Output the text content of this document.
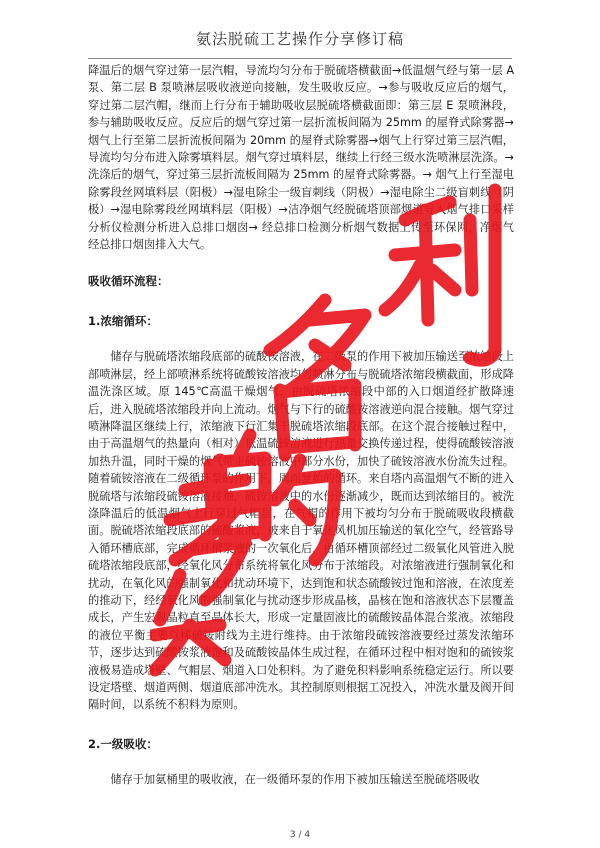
氨法脱硫工艺操作分享修订稿

降温后的烟气穿过第一层汽帽，导流均匀分布于脱硫塔横截面→低温烟气经与第一层 A 泵、第二层 B 泵喷淋层吸收液逆向接触，发生吸收反应。→参与吸收反应后的烟气，穿过第二层汽帽，继而上行分布于辅助吸收层脱硫塔横截面即：第三层 E 泵喷淋段，参与辅助吸收反应。反应后的烟气穿过第一层折流板间隔为 25mm 的屋脊式除雾器→烟气上行至第二层折流板间隔为 20mm 的屋脊式除雾器→烟气上行穿过第三层汽帽，导流均匀分布进入除雾填料层。烟气穿过填料层，继续上行经三级水洗喷淋层洗涤。→洗涤后的烟气，穿过第三层折流板间隔为 25mm 的屋脊式除雾器。→ 烟气上行至湿电除雾段丝网填料层（阳极）→湿电除尘一级盲刺线（阴极）→湿电除尘二级盲刺线（阴极）→湿电除雾段丝网填料层（阳极）→洁净烟气经脱硫塔顶部烟道导入烟气排口采样分析仪检测分析进入总排口烟囱→ 经总排口检测分析烟气数据上传至环保网，净烟气经总排口烟囱排入大气。

吸收循环流程：

1.浓缩循环：

储存与脱硫塔浓缩段底部的硫酸铵溶液，在二级泵的作用下被加压输送至浓缩段上部喷淋层，经上部喷淋系统将硫酸铵溶液均匀喷淋分布与脱硫塔浓缩段横截面，形成降温洗涤区域。原 145℃高温干燥烟气，由脱硫塔浓缩段中部的入口烟道经扩散降速后，进入脱硫塔浓缩段并向上流动。烟气与下行的硫酸铵溶液逆向混合接触。烟气穿过喷淋降温区继续上行，浓缩液下行汇集于脱硫塔浓缩段底部。在这个混合接触过程中，由于高温烟气的热量向（相对）低温硫铵溶液进行热量交换传递过程，使得硫酸铵溶液加热升温，同时干燥的烟气带走硫铵溶液中部分水份，加快了硫铵溶液水份流失过程。随着硫铵溶液在二级循环泵的作用下，周而复始的循环。来自塔内高温烟气不断的进入脱硫塔与浓缩段硫铵溶液接触，硫铵溶液中的水份逐渐减少，既而达到浓缩目的。被洗涤降温后的低温烟气上行穿过气帽层，在气帽的作用下被均匀分布于脱硫吸收段横截面。脱硫塔浓缩段底部的硫酸浆液，被来自于氧化风机加压输送的氧化空气，经管路导入循环槽底部，完成循环槽浆液的一次氧化后，由循环槽顶部经过二级氧化风管进入脱硫塔浓缩段底部，经氧化风分布系统将氧化风分布于浓缩段。对浓缩液进行强制氧化和扰动，在氧化风的强制氧化和扰动环境下，达到饱和状态硫酸铵过饱和溶液，在浓度差的推动下，经经氧化风的强制氧化与扰动逐步形成晶核，晶核在饱和溶液状态下层覆盖成长，产生宏观晶粒直至晶体长大，形成一定量固液比的硫酸铵晶体混合浆液。浓缩段的液位平衡主要以稀硫铵附线为主进行维持。由于浓缩段硫铵溶液要经过蒸发浓缩环节，逐步达到硫酸铵浆液饱和及硫酸铵晶体生成过程，在循环过程中相对饱和的硫铵浆液极易造成塔壁、气帽层、烟道入口处积料。为了避免积料影响系统稳定运行。所以要设定塔壁、烟道两侧、烟道底部冲洗水。其控制原则根据工况投入，冲洗水量及阀开间隔时间，以系统不积料为原则。

2.一级吸收：

储存于加氨桶里的吸收液，在一级循环泵的作用下被加压输送至脱硫塔吸收

3 / 4
